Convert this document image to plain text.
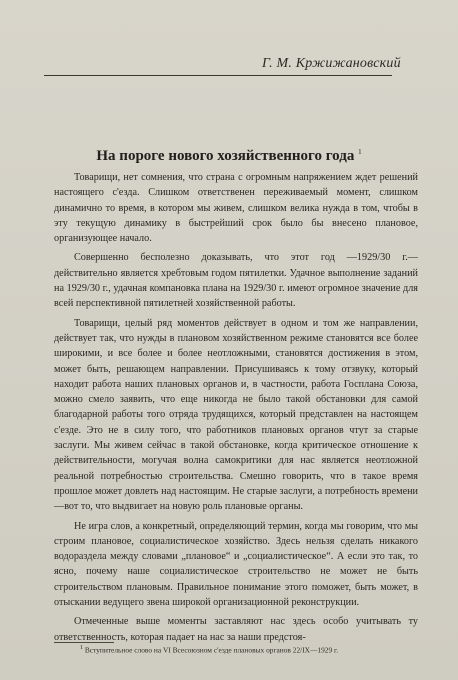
Г. М. Кржижановский
На пороге нового хозяйственного года $^1$

Товарищи, нет сомнения, что страна с огромным напряжением ждет решений настоящего с'езда. Слишком ответственен переживаемый момент, слишком динамично то время, в котором мы живем, слишком велика нужда в том, чтобы в эту текущую динамику в быстрейший срок было бы внесено плановое, организующее начало.

Совершенно бесполезно доказывать, что этот год —1929/30 г.— действительно является хребтовым годом пятилетки. Удачное выполнение заданий на 1929/30 г., удачная компановка плана на 1929/30 г. имеют огромное значение для всей перспективной пятилетней хозяйственной работы.

Товарищи, целый ряд моментов действует в одном и том же направлении, действует так, что нужды в плановом хозяйственном режиме становятся все более широкими, и все более и более неотложными, становятся достижения в этом, может быть, решающем направлении. Присушиваясь к тому отзвуку, который находит работа наших плановых органов и, в частности, работа Госплана Союза, можно смело заявить, что еще никогда не было такой обстановки для самой благодарной работы того отряда трудящихся, который представлен на настоящем с'езде. Это не в силу того, что работников плановых органов чтут за старые заслуги. Мы живем сейчас в такой обстановке, когда критическое отношение к действительности, могучая волна самокритики для нас является неотложной реальной потребностью строительства. Смешно говорить, что в такое время прошлое может довлеть над настоящим. Не старые заслуги, а потребность времени—вот то, что выдвигает на новую роль плановые органы.

Не игра слов, а конкретный, определяющий термин, когда мы говорим, что мы строим плановое, социалистическое хозяйство. Здесь нельзя сделать никакого водораздела между словами „плановое“ и „социалистическое“. А если это так, то ясно, почему наше социалистическое строительство не может не быть строительством плановым. Правильное понимание этого поможет, быть может, в отыскании ведущего звена широкой организационной реконструкции.

Отмеченные выше моменты заставляют нас здесь особо учитывать ту ответственность, которая падает на нас за наши предстоя-

$^1$ Вступительное слово на VI Всесоюзном с'езде плановых органов 22/IX—1929 г.
